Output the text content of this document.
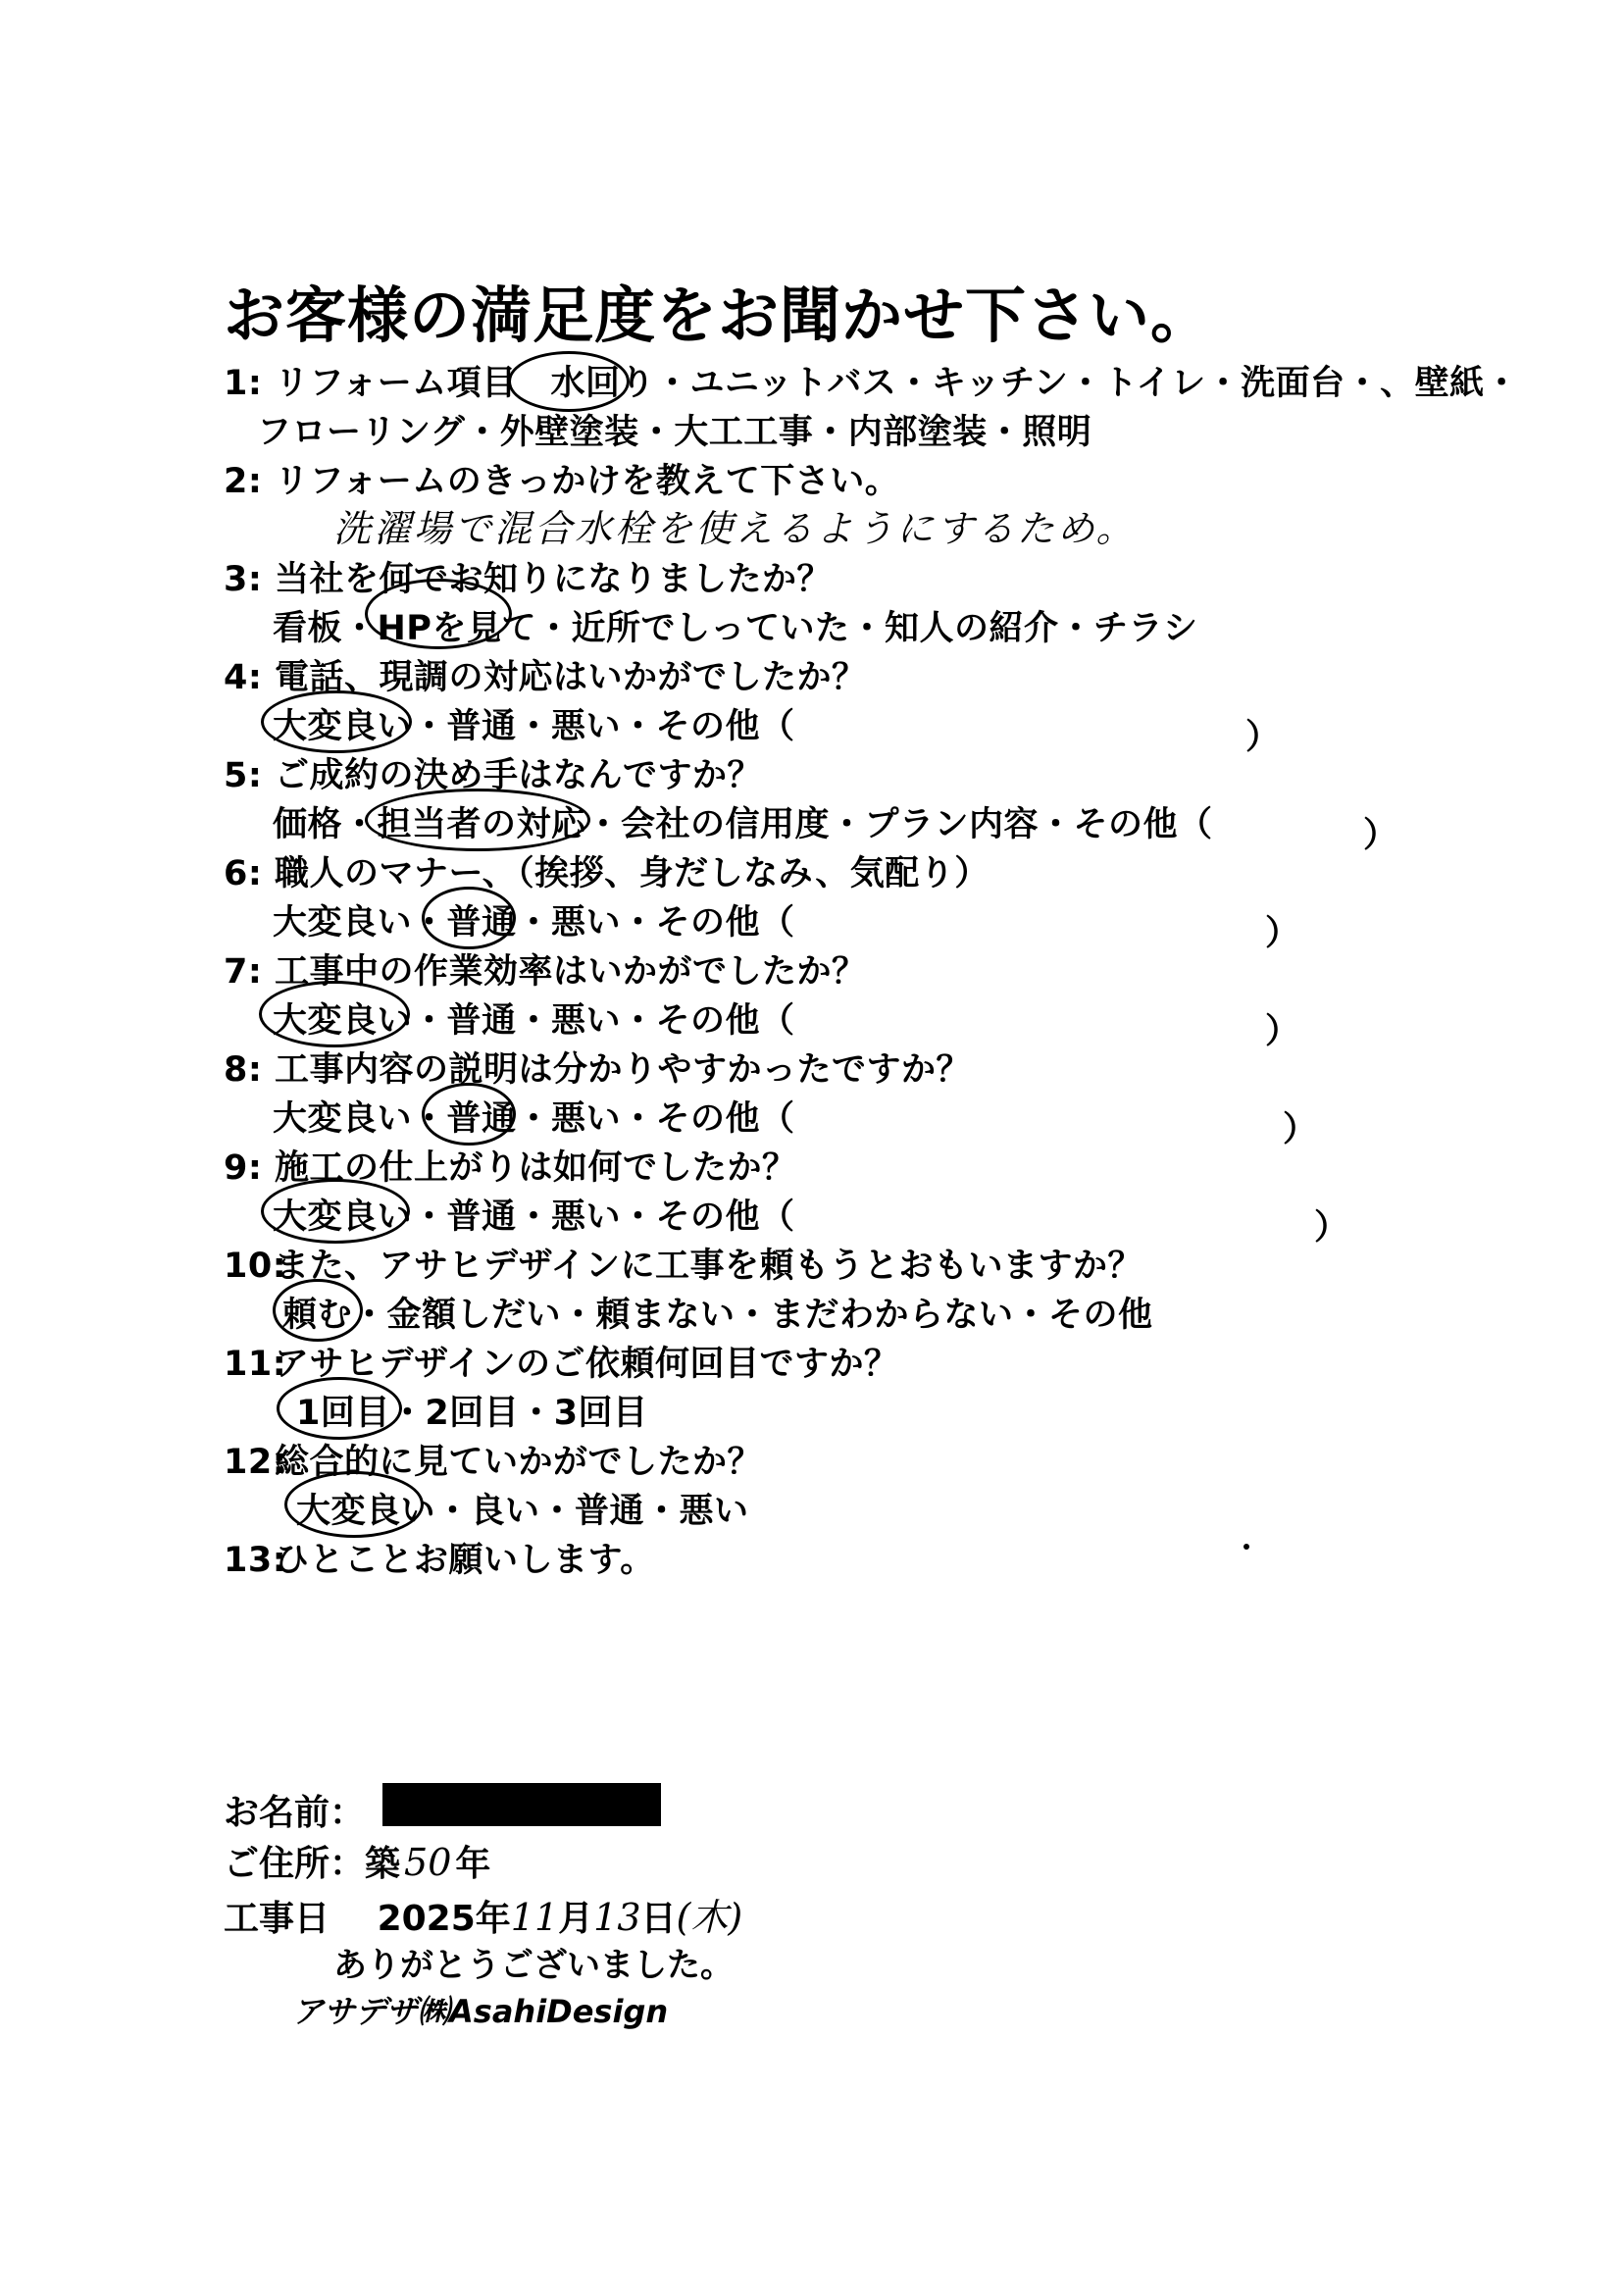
お客様の満足度をお聞かせ下さい。
1: リフォーム項目 水回り・ユニットバス・キッチン・トイレ・洗面台・、壁紙・
フローリング・外壁塗装・大工工事・内部塗装・照明
2: リフォームのきっかけを教えて下さい。
洗濯場で混合水栓を使えるようにするため。
3: 当社を何でお知りになりましたか？
看板・HPを見て・近所でしっていた・知人の紹介・チラシ
4: 電話、現調の対応はいかがでしたか？
大変良い・普通・悪い・その他（	）
5: ご成約の決め手はなんですか？
価格・担当者の対応・会社の信用度・プラン内容・その他（	）
6: 職人のマナー、（挨拶、身だしなみ、気配り）
大変良い・普通・悪い・その他（	）
7: 工事中の作業効率はいかがでしたか？
大変良い・普通・悪い・その他（	）
8: 工事内容の説明は分かりやすかったですか？
大変良い・普通・悪い・その他（	）
9: 施工の仕上がりは如何でしたか？
大変良い・普通・悪い・その他（	）
10:また、アサヒデザインに工事を頼もうとおもいますか？
頼む・金額しだい・頼まない・まだわからない・その他
11:アサヒデザインのご依頼何回目ですか？
1回目・2回目・3回目
12:総合的に見ていかがでしたか？
大変良い・良い・普通・悪い
13:ひとことお願いします。
お名前：
ご住所：築 50 年
工事日 2025年11月13日(木)
ありがとうございました。
アサデザ㈱AsahiDesign
